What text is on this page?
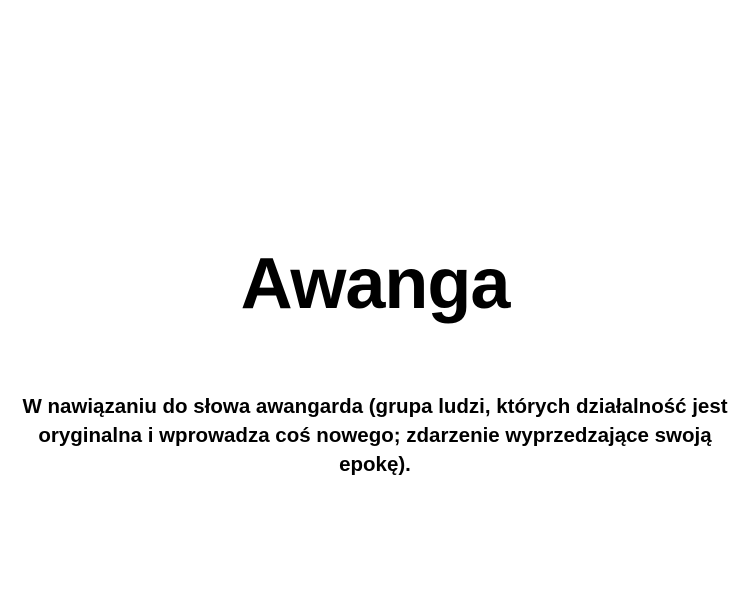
Awanga
W nawiązaniu do słowa awangarda (grupa ludzi, których działalność jest oryginalna i wprowadza coś nowego; zdarzenie wyprzedzające swoją epokę).
